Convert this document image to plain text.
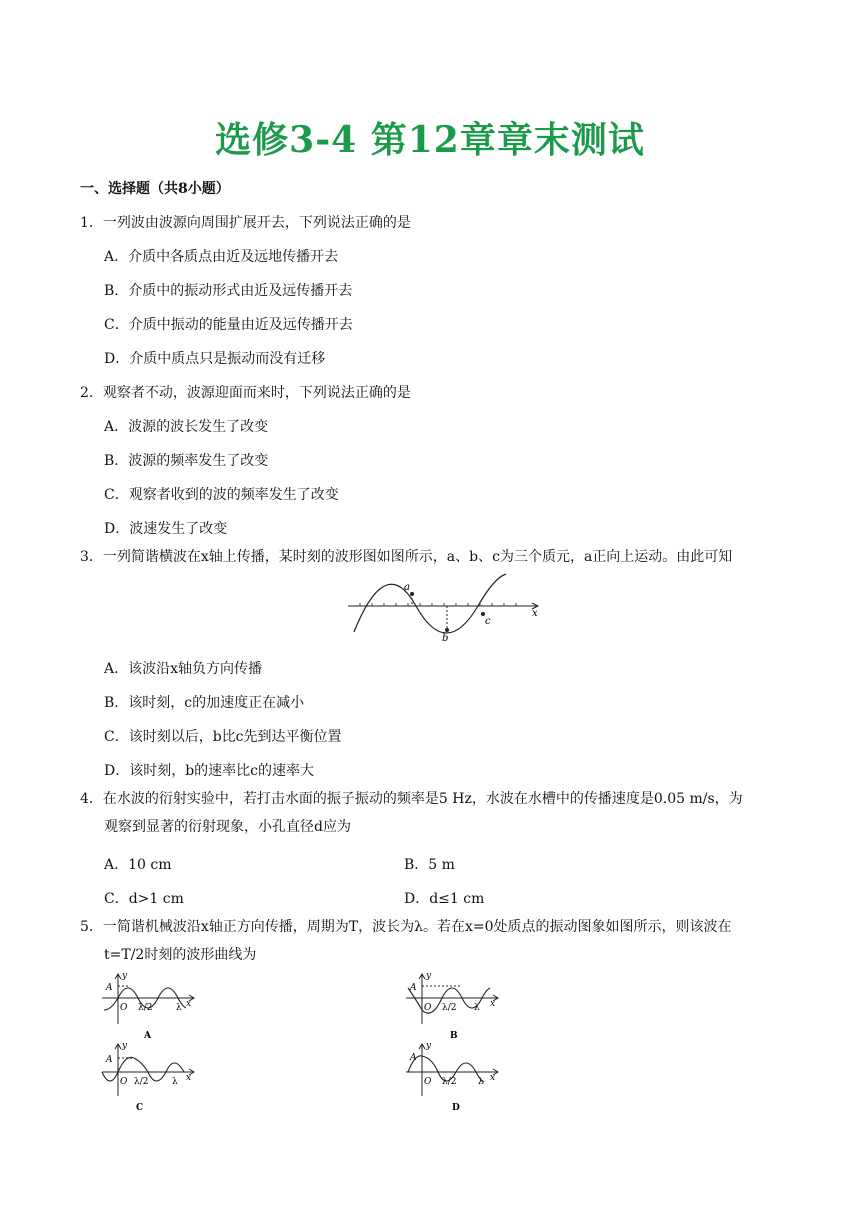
选修3-4 第12章章末测试
一、选择题（共8小题）
1．一列波由波源向周围扩展开去，下列说法正确的是
A．介质中各质点由近及远地传播开去
B．介质中的振动形式由近及远传播开去
C．介质中振动的能量由近及远传播开去
D．介质中质点只是振动而没有迁移
2．观察者不动，波源迎面而来时，下列说法正确的是
A．波源的波长发生了改变
B．波源的频率发生了改变
C．观察者收到的波的频率发生了改变
D．波速发生了改变
3．一列简谐横波在x轴上传播，某时刻的波形图如图所示，a、b、c为三个质元，a正向上运动。由此可知
a
b
c
x
A．该波沿x轴负方向传播
B．该时刻，c的加速度正在减小
C．该时刻以后，b比c先到达平衡位置
D．该时刻，b的速率比c的速率大
4．在水波的衍射实验中，若打击水面的振子振动的频率是5 Hz，水波在水槽中的传播速度是0.05 m/s，为
观察到显著的衍射现象，小孔直径d应为
A．10 cm	B．5 m
C．d>1 cm	D．d≤1 cm
5．一简谐机械波沿x轴正方向传播，周期为T，波长为λ。若在x=0处质点的振动图象如图所示，则该波在
t=T/2时刻的波形曲线为
A
y
O λ/2	λ x
A
A
y
O λ/2 λ x
B
A
y
O λ/2	λ x
C
A
y
O λ/2 λ x
D
